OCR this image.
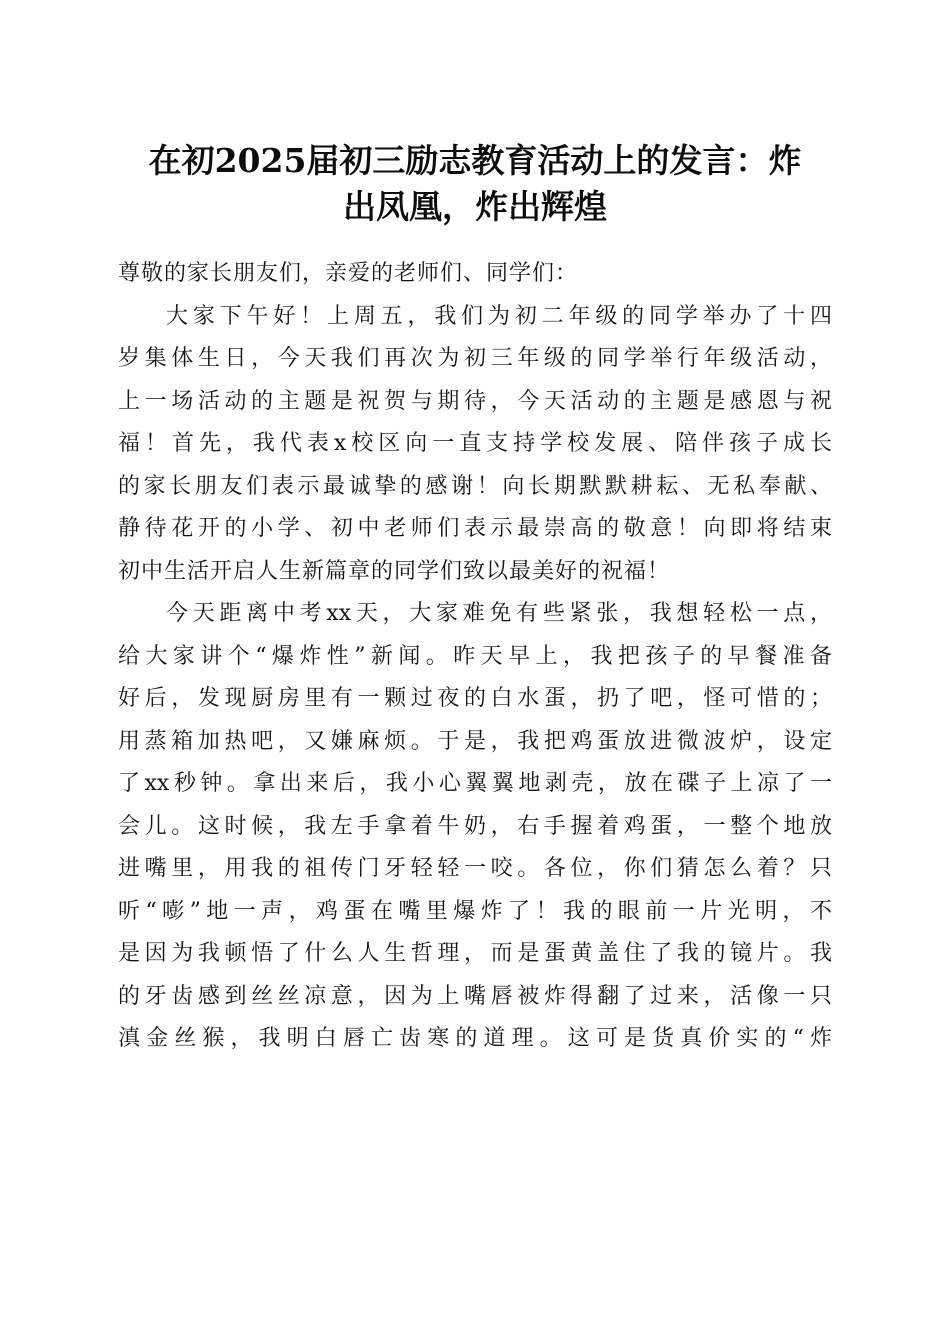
在初2025届初三励志教育活动上的发言：炸
出凤凰，炸出辉煌
尊敬的家长朋友们，亲爱的老师们、同学们：
大家下午好！上周五，我们为初二年级的同学举办了十四
岁集体生日，今天我们再次为初三年级的同学举行年级活动，
上一场活动的主题是祝贺与期待，今天活动的主题是感恩与祝
福！首先，我代表x校区向一直支持学校发展、陪伴孩子成长
的家长朋友们表示最诚挚的感谢！向长期默默耕耘、无私奉献、
静待花开的小学、初中老师们表示最崇高的敬意！向即将结束
初中生活开启人生新篇章的同学们致以最美好的祝福！
今天距离中考xx天，大家难免有些紧张，我想轻松一点，
给大家讲个“爆炸性”新闻。昨天早上，我把孩子的早餐准备
好后，发现厨房里有一颗过夜的白水蛋，扔了吧，怪可惜的；
用蒸箱加热吧，又嫌麻烦。于是，我把鸡蛋放进微波炉，设定
了xx秒钟。拿出来后，我小心翼翼地剥壳，放在碟子上凉了一
会儿。这时候，我左手拿着牛奶，右手握着鸡蛋，一整个地放
进嘴里，用我的祖传门牙轻轻一咬。各位，你们猜怎么着？只
听“嘭”地一声，鸡蛋在嘴里爆炸了！我的眼前一片光明，不
是因为我顿悟了什么人生哲理，而是蛋黄盖住了我的镜片。我
的牙齿感到丝丝凉意，因为上嘴唇被炸得翻了过来，活像一只
滇金丝猴，我明白唇亡齿寒的道理。这可是货真价实的“炸
